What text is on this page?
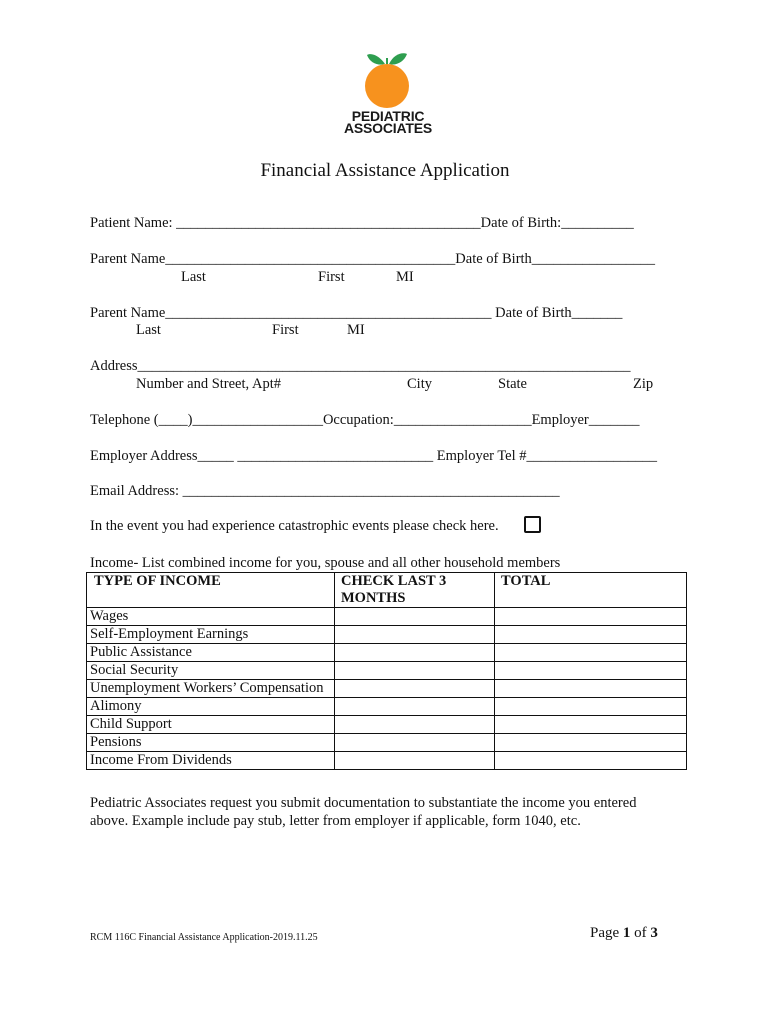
PEDIATRIC
ASSOCIATES
Financial Assistance Application
Patient Name: __________________________________________Date of Birth:__________
Parent Name________________________________________Date of Birth_________________
Last	First	MI
Parent Name_____________________________________________ Date of Birth_______
Last	First	MI
Address____________________________________________________________________
Number and Street, Apt#	City	State	Zip
Telephone (____)__________________Occupation:___________________Employer_______
Employer Address_____ ___________________________ Employer Tel #__________________
Email Address: ____________________________________________________
In the event you had experience catastrophic events please check here.
Income- List combined income for you, spouse and all other household members
TYPE OF INCOME	CHECK LAST 3 MONTHS	TOTAL
Wages		
Self-Employment Earnings		
Public Assistance		
Social Security		
Unemployment Workers’ Compensation		
Alimony		
Child Support		
Pensions		
Income From Dividends		
Pediatric Associates request you submit documentation to substantiate the income you entered
above. Example include pay stub, letter from employer if applicable, form 1040, etc.
RCM 116C Financial Assistance Application-2019.11.25	Page 1 of 3
